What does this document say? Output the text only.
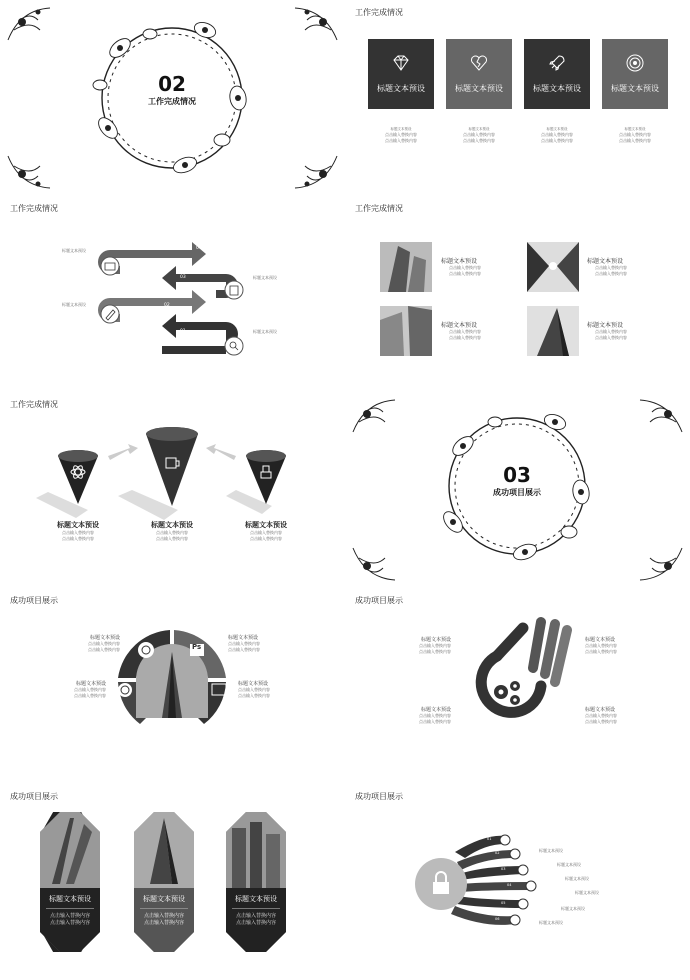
02
工作完成情况
工作完成情况
标题文本预设	标题文本预设	标题文本预设	标题文本预设
标题文本预设
点击输入替换内容
点击输入替换内容
标题文本预设
点击输入替换内容
点击输入替换内容
标题文本预设
点击输入替换内容
点击输入替换内容
标题文本预设
点击输入替换内容
点击输入替换内容
工作完成情况
04
03
02
01
标题文本预设
标题文本预设
标题文本预设
标题文本预设
工作完成情况
标题文本预设
点击输入替换内容
点击输入替换内容
标题文本预设
点击输入替换内容
点击输入替换内容
标题文本预设
点击输入替换内容
点击输入替换内容
标题文本预设
点击输入替换内容
点击输入替换内容
工作完成情况
标题文本预设
点击输入替换内容
点击输入替换内容
标题文本预设
点击输入替换内容
点击输入替换内容
标题文本预设
点击输入替换内容
点击输入替换内容
03
成功项目展示
成功项目展示
Ps
标题文本预设
点击输入替换内容
点击输入替换内容
标题文本预设
点击输入替换内容
点击输入替换内容
标题文本预设
点击输入替换内容
点击输入替换内容
标题文本预设
点击输入替换内容
点击输入替换内容
成功项目展示
标题文本预设
点击输入替换内容
点击输入替换内容
标题文本预设
点击输入替换内容
点击输入替换内容
标题文本预设
点击输入替换内容
点击输入替换内容
标题文本预设
点击输入替换内容
点击输入替换内容
成功项目展示
标题文本预设
点击输入替换内容
点击输入替换内容
标题文本预设
点击输入替换内容
点击输入替换内容
标题文本预设
点击输入替换内容
点击输入替换内容
成功项目展示
01
02
03
04
05
06
标题文本预设
标题文本预设
标题文本预设
标题文本预设
标题文本预设
标题文本预设
